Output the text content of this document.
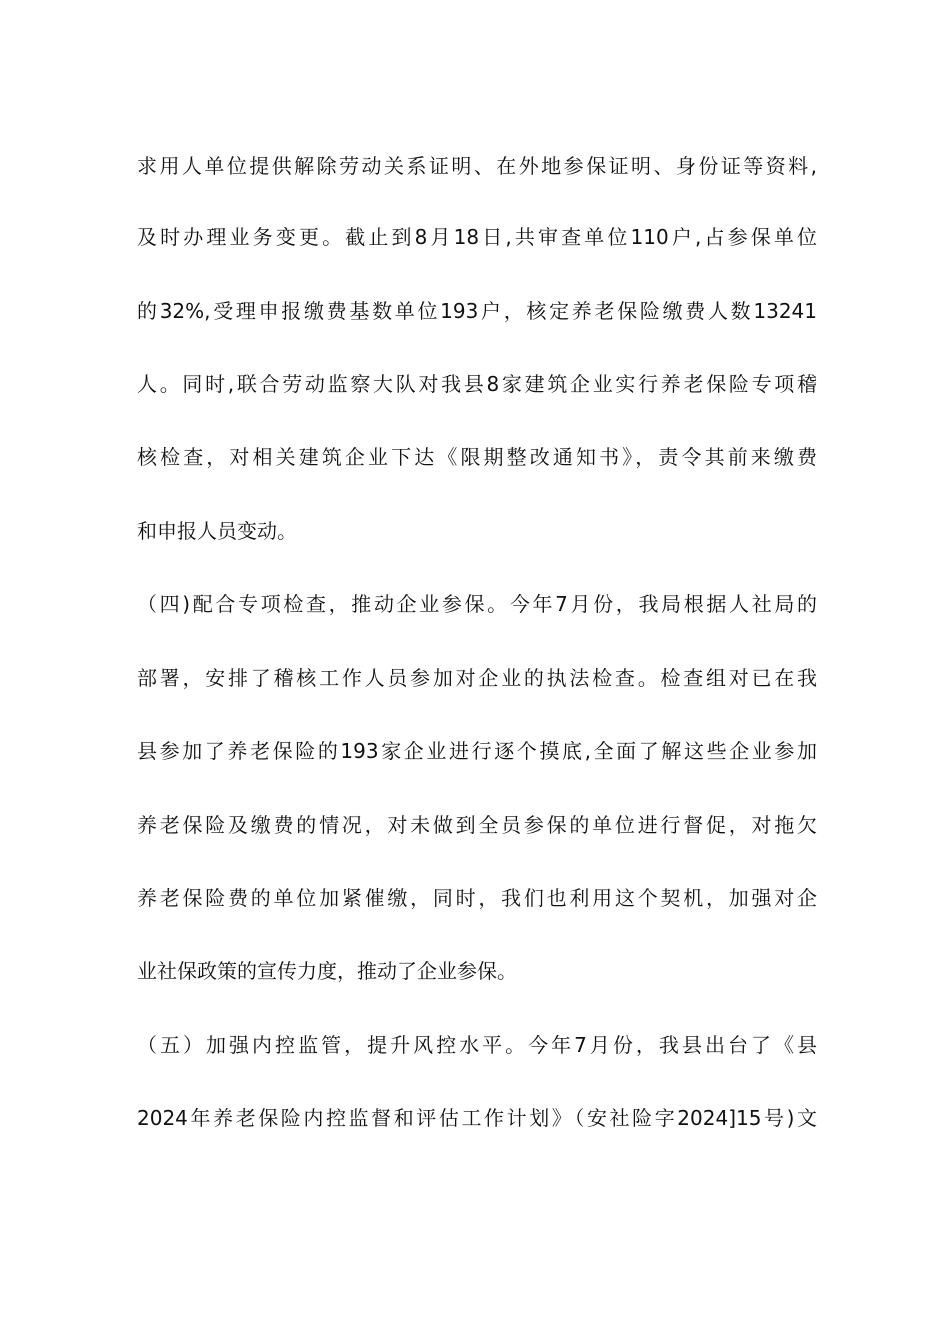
求用人单位提供解除劳动关系证明、在外地参保证明、身份证等资料,
及时办理业务变更。截止到8月18日,共审查单位110户,占参保单位
的32%,受理申报缴费基数单位193户，核定养老保险缴费人数13241
人。同时,联合劳动监察大队对我县8家建筑企业实行养老保险专项稽
核检查，对相关建筑企业下达《限期整改通知书》，责令其前来缴费
和申报人员变动。
（四)配合专项检查，推动企业参保。今年7月份，我局根据人社局的
部署，安排了稽核工作人员参加对企业的执法检查。检查组对已在我
县参加了养老保险的193家企业进行逐个摸底,全面了解这些企业参加
养老保险及缴费的情况，对未做到全员参保的单位进行督促，对拖欠
养老保险费的单位加紧催缴，同时，我们也利用这个契机，加强对企
业社保政策的宣传力度，推动了企业参保。
（五）加强内控监管，提升风控水平。今年7月份，我县出台了《县
2024年养老保险内控监督和评估工作计划》（安社险字2024]15号)文
